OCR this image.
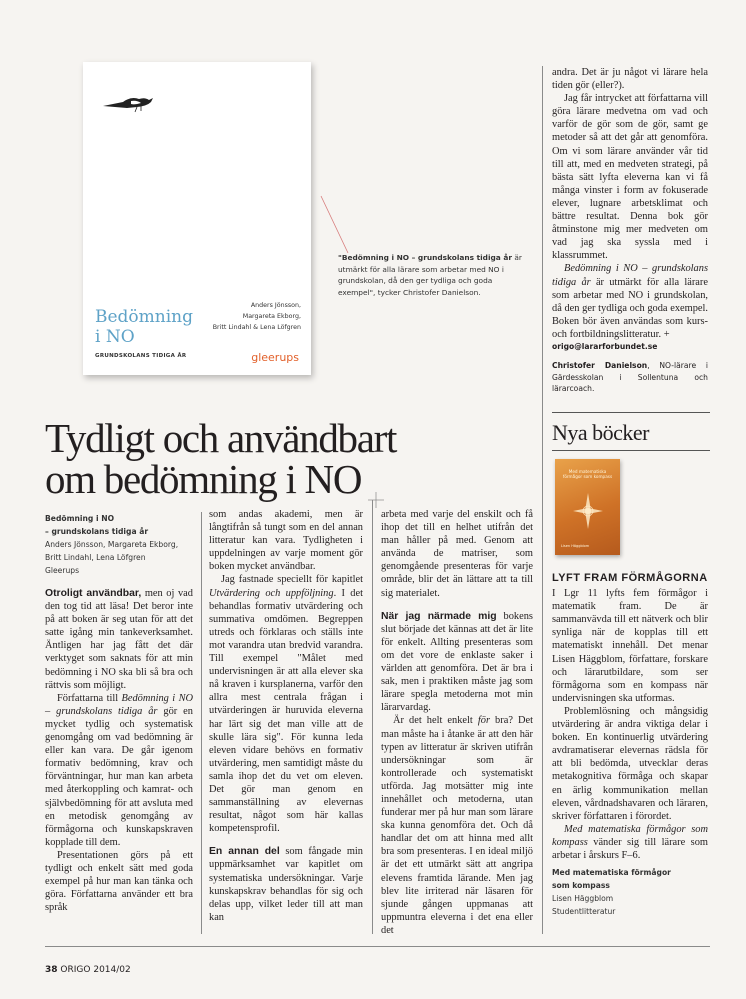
Bedömning
i NO
GRUNDSKOLANS TIDIGA ÅR
Anders Jönsson,
Margareta Ekborg,
Britt Lindahl & Lena Löfgren
gleerups
"Bedömning i NO – grundskolans tidiga år är utmärkt för alla lärare som arbetar med NO i grundskolan, då den ger tydliga och goda exempel", tycker Christofer Danielson.
Tydligt och användbart
om bedömning i NO
Bedömning i NO
– grundskolans tidiga år
Anders Jönsson, Margareta Ekborg,
Britt Lindahl, Lena Löfgren
Gleerups

Otroligt användbar, men oj vad den tog tid att läsa! Det beror inte på att boken är seg utan för att det satte igång min tankeverksamhet. Äntligen har jag fått det där verktyget som saknats för att min bedömning i NO ska bli så bra och rättvis som möjligt.

Författarna till Bedömning i NO – grundskolans tidiga år gör en mycket tydlig och systematisk genomgång om vad bedömning är eller kan vara. De går igenom formativ bedömning, krav och förväntningar, hur man kan arbeta med återkoppling och kamrat- och självbedömning för att avsluta med en metodisk genomgång av förmågorna och kunskapskraven kopplade till dem.

Presentationen görs på ett tydligt och enkelt sätt med goda exempel på hur man kan tänka och göra. Författarna använder ett bra språk

som andas akademi, men är långtifrån så tungt som en del annan litteratur kan vara. Tydligheten i uppdelningen av varje moment gör boken mycket användbar.

Jag fastnade speciellt för kapitlet Utvärdering och uppföljning. I det behandlas formativ utvärdering och summativa omdömen. Begreppen utreds och förklaras och ställs inte mot varandra utan bredvid varandra. Till exempel "Målet med undervisningen är att alla elever ska nå kraven i kursplanerna, varför den allra mest centrala frågan i utvärderingen är huruvida eleverna har lärt sig det man ville att de skulle lära sig". För kunna leda eleven vidare behövs en formativ utvärdering, men samtidigt måste du samla ihop det du vet om eleven. Det gör man genom en sammanställning av elevernas resultat, något som här kallas kompetensprofil.

En annan del som fångade min uppmärksamhet var kapitlet om systematiska undersökningar. Varje kunskapskrav behandlas för sig och delas upp, vilket leder till att man kan

arbeta med varje del enskilt och få ihop det till en helhet utifrån det man håller på med. Genom att använda de matriser, som genomgående presenteras för varje område, blir det än lättare att ta till sig materialet.

När jag närmade mig bokens slut började det kännas att det är lite för enkelt. Allting presenteras som om det vore de enklaste saker i världen att genomföra. Det är bra i sak, men i praktiken måste jag som lärare spegla metoderna mot min lärarvardag.

Är det helt enkelt för bra? Det man måste ha i åtanke är att den här typen av litteratur är skriven utifrån undersökningar som är kontrollerade och systematiskt utförda. Jag motsätter mig inte innehållet och metoderna, utan funderar mer på hur man som lärare ska kunna genomföra det. Och då handlar det om att hinna med allt bra som presenteras. I en ideal miljö är det ett utmärkt sätt att angripa elevens framtida lärande. Men jag blev lite irriterad när läsaren för sjunde gången uppmanas att uppmuntra eleverna i det ena eller det

andra. Det är ju något vi lärare hela tiden gör (eller?).

Jag får intrycket att författarna vill göra lärare medvetna om vad och varför de gör som de gör, samt ge metoder så att det går att genomföra. Om vi som lärare använder vår tid till att, med en medveten strategi, på bästa sätt lyfta eleverna kan vi få många vinster i form av fokuserade elever, lugnare arbetsklimat och bättre resultat. Denna bok gör åtminstone mig mer medveten om vad jag ska syssla med i klassrummet.

Bedömning i NO – grundskolans tidiga år är utmärkt för alla lärare som arbetar med NO i grundskolan, då den ger tydliga och goda exempel. Boken bör även användas som kurs- och fortbildningslitteratur. +

origo@lararforbundet.se

Christofer Danielson, NO-lärare i Gärdesskolan i Sollentuna och lärarcoach.

Nya böcker
Med matematiska förmågor som kompass
Lisen Häggblom
LYFT FRAM FÖRMÅGORNA

I Lgr 11 lyfts fem förmågor i matematik fram. De är sammanvävda till ett nätverk och blir synliga när de kopplas till ett matematiskt innehåll. Det menar Lisen Häggblom, författare, forskare och lärarutbildare, som ser förmågorna som en kompass när undervisningen ska utformas.

Problemlösning och mångsidig utvärdering är andra viktiga delar i boken. En kontinuerlig utvärdering avdramatiserar elevernas rädsla för att bli bedömda, utvecklar deras metakognitiva förmåga och skapar en ärlig kommunikation mellan eleven, vårdnadshavaren och läraren, skriver författaren i förordet.

Med matematiska förmågor som kompass vänder sig till lärare som arbetar i årskurs F–6.

Med matematiska förmågor
som kompass
Lisen Häggblom
Studentlitteratur
38 ORIGO 2014/02
